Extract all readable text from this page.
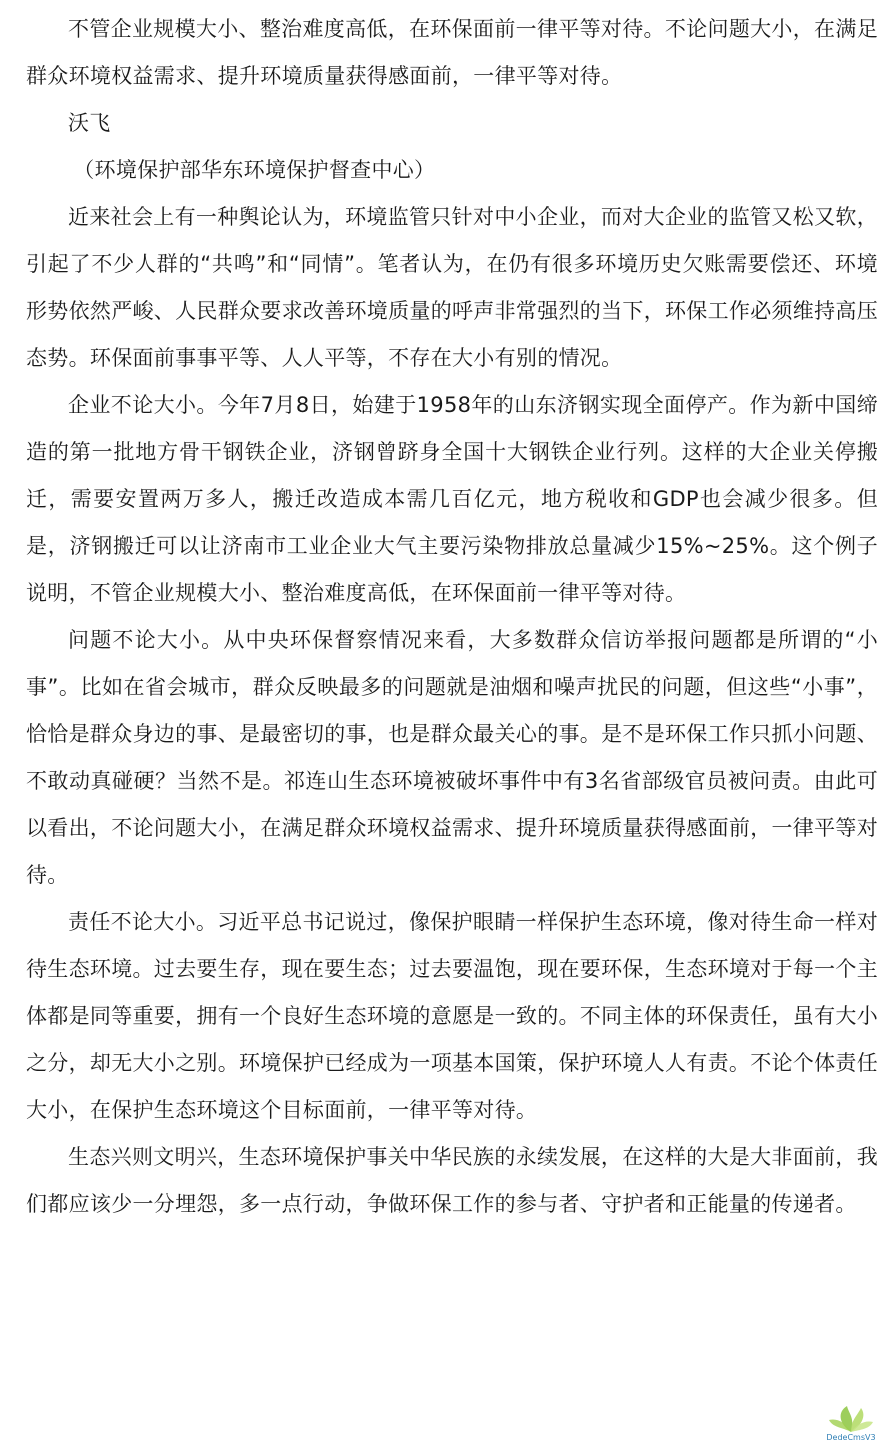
不管企业规模大小、整治难度高低，在环保面前一律平等对待。不论问题大小，在满足群众环境权益需求、提升环境质量获得感面前，一律平等对待。

沃飞

（环境保护部华东环境保护督查中心）

近来社会上有一种舆论认为，环境监管只针对中小企业，而对大企业的监管又松又软，引起了不少人群的“共鸣”和“同情”。笔者认为，在仍有很多环境历史欠账需要偿还、环境形势依然严峻、人民群众要求改善环境质量的呼声非常强烈的当下，环保工作必须维持高压态势。环保面前事事平等、人人平等，不存在大小有别的情况。

企业不论大小。今年7月8日，始建于1958年的山东济钢实现全面停产。作为新中国缔造的第一批地方骨干钢铁企业，济钢曾跻身全国十大钢铁企业行列。这样的大企业关停搬迁，需要安置两万多人，搬迁改造成本需几百亿元，地方税收和GDP也会减少很多。但是，济钢搬迁可以让济南市工业企业大气主要污染物排放总量减少15%~25%。这个例子说明，不管企业规模大小、整治难度高低，在环保面前一律平等对待。

问题不论大小。从中央环保督察情况来看，大多数群众信访举报问题都是所谓的“小事”。比如在省会城市，群众反映最多的问题就是油烟和噪声扰民的问题，但这些“小事”，恰恰是群众身边的事、是最密切的事，也是群众最关心的事。是不是环保工作只抓小问题、不敢动真碰硬？当然不是。祁连山生态环境被破坏事件中有3名省部级官员被问责。由此可以看出，不论问题大小，在满足群众环境权益需求、提升环境质量获得感面前，一律平等对待。

责任不论大小。习近平总书记说过，像保护眼睛一样保护生态环境，像对待生命一样对待生态环境。过去要生存，现在要生态；过去要温饱，现在要环保，生态环境对于每一个主体都是同等重要，拥有一个良好生态环境的意愿是一致的。不同主体的环保责任，虽有大小之分，却无大小之别。环境保护已经成为一项基本国策，保护环境人人有责。不论个体责任大小，在保护生态环境这个目标面前，一律平等对待。

生态兴则文明兴，生态环境保护事关中华民族的永续发展，在这样的大是大非面前，我们都应该少一分埋怨，多一点行动，争做环保工作的参与者、守护者和正能量的传递者。

DedeCmsV3
